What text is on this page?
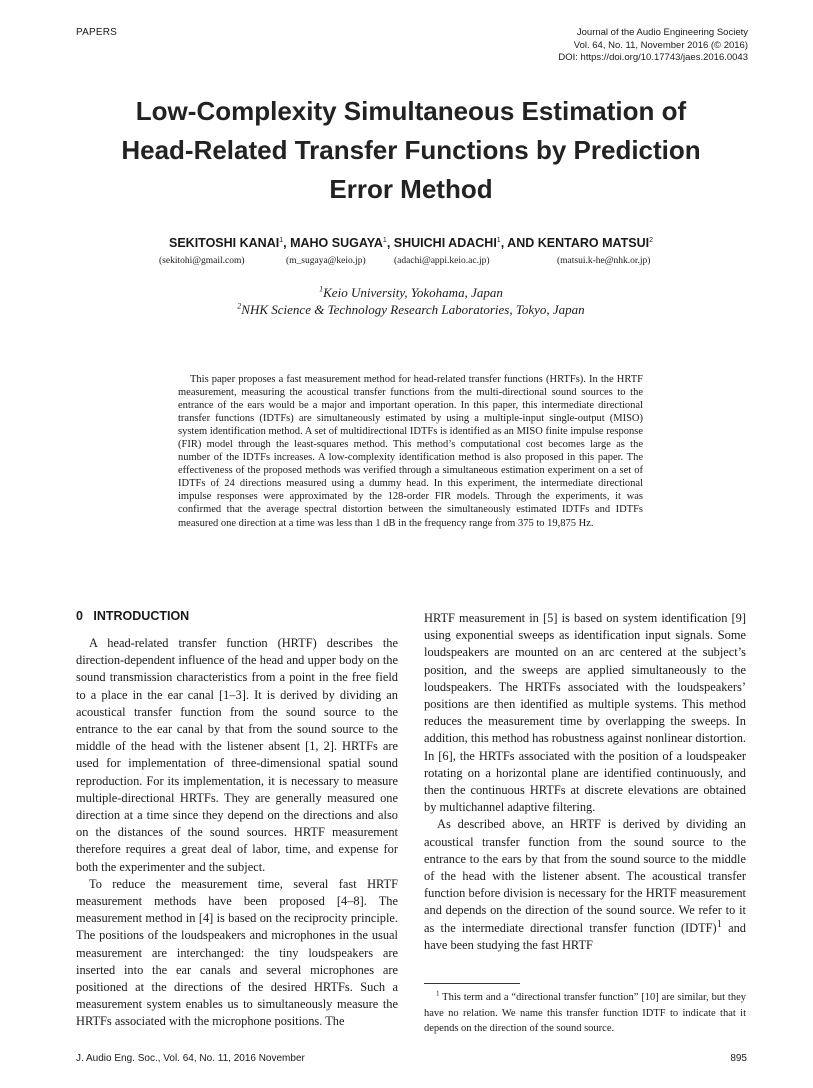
PAPERS	Journal of the Audio Engineering Society
Vol. 64, No. 11, November 2016 (© 2016)
DOI: https://doi.org/10.17743/jaes.2016.0043
Low-Complexity Simultaneous Estimation of
Head-Related Transfer Functions by Prediction
Error Method
SEKITOSHI KANAI$^1$, MAHO SUGAYA$^1$, SHUICHI ADACHI$^1$, AND KENTARO MATSUI$^2$
(sekitohi@gmail.com)	(m_sugaya@keio.jp)	(adachi@appi.keio.ac.jp)	(matsui.k-he@nhk.or.jp)
$^1$Keio University, Yokohama, Japan
$^2$NHK Science & Technology Research Laboratories, Tokyo, Japan
This paper proposes a fast measurement method for head-related transfer functions (HRTFs). In the HRTF measurement, measuring the acoustical transfer functions from the multi-directional sound sources to the entrance of the ears would be a major and important operation. In this paper, this intermediate directional transfer functions (IDTFs) are simultaneously estimated by using a multiple-input single-output (MISO) system identification method. A set of multidirectional IDTFs is identified as an MISO finite impulse response (FIR) model through the least-squares method. This method’s computational cost becomes large as the number of the IDTFs increases. A low-complexity identification method is also proposed in this paper. The effectiveness of the proposed methods was verified through a simultaneous estimation experiment on a set of IDTFs of 24 directions measured using a dummy head. In this experiment, the intermediate directional impulse responses were approximated by the 128-order FIR models. Through the experiments, it was confirmed that the average spectral distortion between the simultaneously estimated IDTFs and IDTFs measured one direction at a time was less than 1 dB in the frequency range from 375 to 19,875 Hz.
0 INTRODUCTION

A head-related transfer function (HRTF) describes the direction-dependent influence of the head and upper body on the sound transmission characteristics from a point in the free field to a place in the ear canal [1–3]. It is derived by dividing an acoustical transfer function from the sound source to the entrance to the ear canal by that from the sound source to the middle of the head with the listener absent [1, 2]. HRTFs are used for implementation of three-dimensional spatial sound reproduction. For its implementation, it is necessary to measure multiple-directional HRTFs. They are generally measured one direction at a time since they depend on the directions and also on the distances of the sound sources. HRTF measurement therefore requires a great deal of labor, time, and expense for both the experimenter and the subject.

To reduce the measurement time, several fast HRTF measurement methods have been proposed [4–8]. The measurement method in [4] is based on the reciprocity principle. The positions of the loudspeakers and microphones in the usual measurement are interchanged: the tiny loudspeakers are inserted into the ear canals and several microphones are positioned at the directions of the desired HRTFs. Such a measurement system enables us to simultaneously measure the HRTFs associated with the microphone positions. The

HRTF measurement in [5] is based on system identification [9] using exponential sweeps as identification input signals. Some loudspeakers are mounted on an arc centered at the subject’s position, and the sweeps are applied simultaneously to the loudspeakers. The HRTFs associated with the loudspeakers’ positions are then identified as multiple systems. This method reduces the measurement time by overlapping the sweeps. In addition, this method has robustness against nonlinear distortion. In [6], the HRTFs associated with the position of a loudspeaker rotating on a horizontal plane are identified continuously, and then the continuous HRTFs at discrete elevations are obtained by multichannel adaptive filtering.

As described above, an HRTF is derived by dividing an acoustical transfer function from the sound source to the entrance to the ears by that from the sound source to the middle of the head with the listener absent. The acoustical transfer function before division is necessary for the HRTF measurement and depends on the direction of the sound source. We refer to it as the intermediate directional transfer function (IDTF)$^1$ and have been studying the fast HRTF

$^1$ This term and a “directional transfer function” [10] are similar, but they have no relation. We name this transfer function IDTF to indicate that it depends on the direction of the sound source.
J. Audio Eng. Soc., Vol. 64, No. 11, 2016 November	895
